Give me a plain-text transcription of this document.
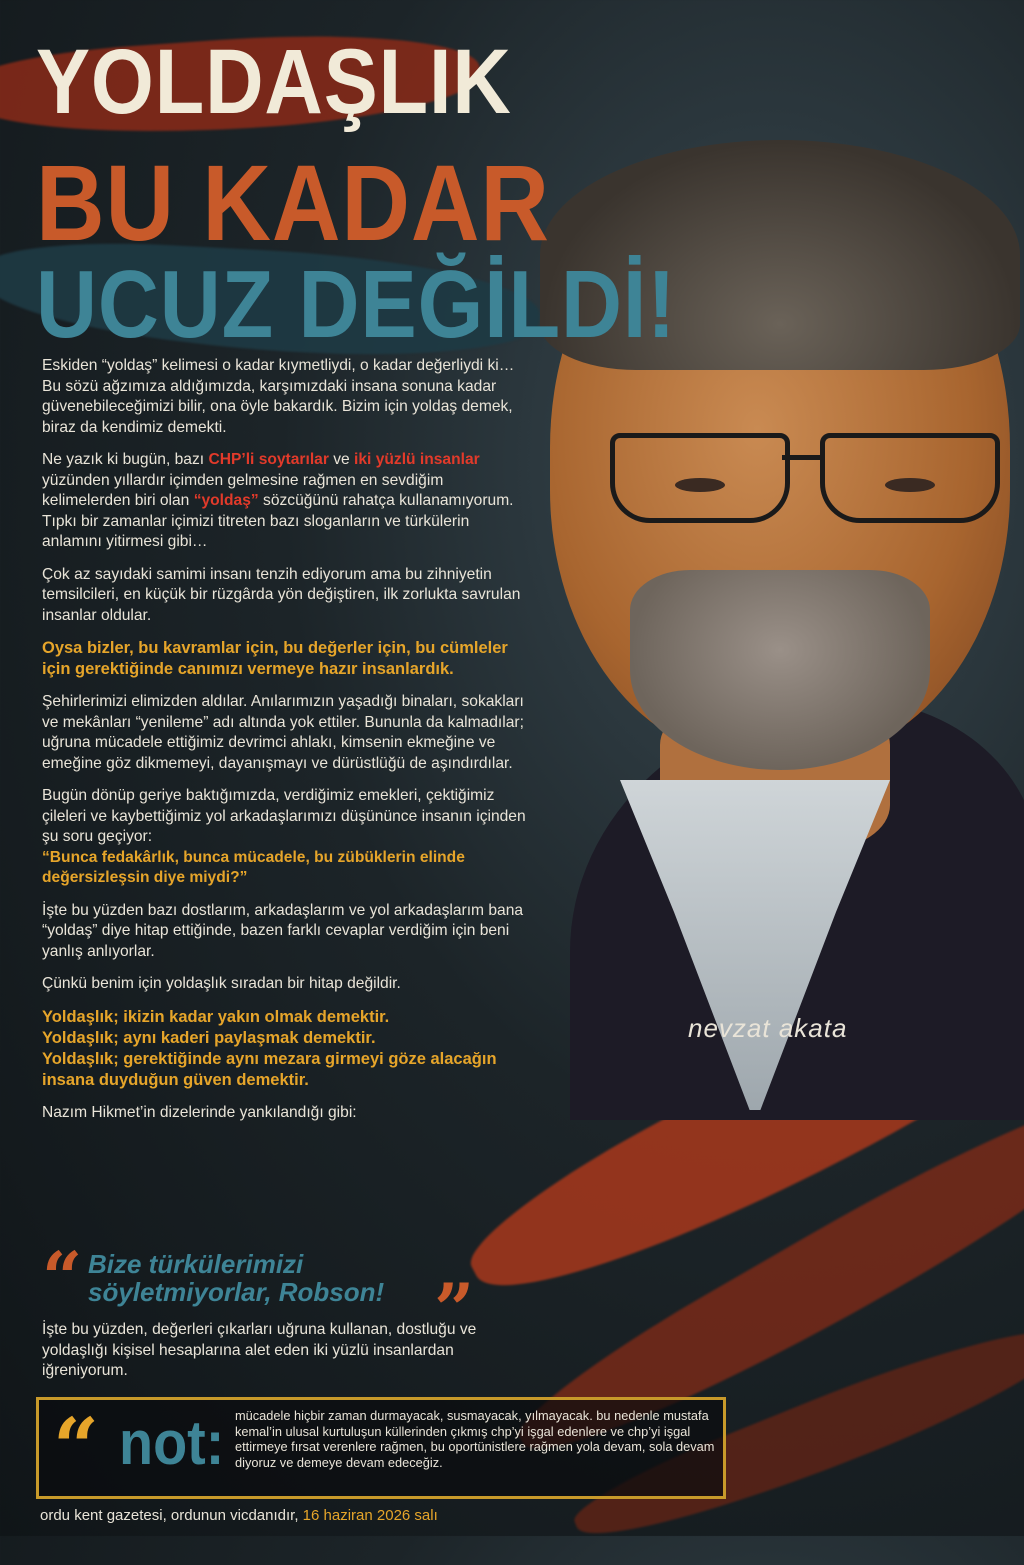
YOLDAŞLIK
BU KADAR
UCUZ DEĞİLDİ!

Eskiden “yoldaş” kelimesi o kadar kıymetliydi, o kadar değerliydi ki… Bu sözü ağzımıza aldığımızda, karşımızdaki insana sonuna kadar güvenebileceğimizi bilir, ona öyle bakardık. Bizim için yoldaş demek, biraz da kendimiz demekti.

Ne yazık ki bugün, bazı CHP’li soytarılar ve iki yüzlü insanlar yüzünden yıllardır içimden gelmesine rağmen en sevdiğim kelimelerden biri olan “yoldaş” sözcüğünü rahatça kullanamıyorum. Tıpkı bir zamanlar içimizi titreten bazı sloganların ve türkülerin anlamını yitirmesi gibi…

Çok az sayıdaki samimi insanı tenzih ediyorum ama bu zihniyetin temsilcileri, en küçük bir rüzgârda yön değiştiren, ilk zorlukta savrulan insanlar oldular.

Oysa bizler, bu kavramlar için, bu değerler için, bu cümleler için gerektiğinde canımızı vermeye hazır insanlardık.

Şehirlerimizi elimizden aldılar. Anılarımızın yaşadığı binaları, sokakları ve mekânları “yenileme” adı altında yok ettiler. Bununla da kalmadılar; uğruna mücadele ettiğimiz devrimci ahlakı, kimsenin ekmeğine ve emeğine göz dikmemeyi, dayanışmayı ve dürüstlüğü de aşındırdılar.

Bugün dönüp geriye baktığımızda, verdiğimiz emekleri, çektiğimiz çileleri ve kaybettiğimiz yol arkadaşlarımızı düşününce insanın içinden şu soru geçiyor:
“Bunca fedakârlık, bunca mücadele, bu zübüklerin elinde değersizleşsin diye miydi?”

İşte bu yüzden bazı dostlarım, arkadaşlarım ve yol arkadaşlarım bana “yoldaş” diye hitap ettiğinde, bazen farklı cevaplar verdiğim için beni yanlış anlıyorlar.

Çünkü benim için yoldaşlık sıradan bir hitap değildir.

Yoldaşlık; ikizin kadar yakın olmak demektir.
Yoldaşlık; aynı kaderi paylaşmak demektir.
Yoldaşlık; gerektiğinde aynı mezara girmeyi göze alacağın insana duyduğun güven demektir.

Nazım Hikmet’in dizelerinde yankılandığı gibi:

“ Bize türkülerimizi
söyletmiyorlar, Robson! ”
İşte bu yüzden, değerleri çıkarları uğruna kullanan, dostluğu ve yoldaşlığı kişisel hesaplarına alet eden iki yüzlü insanlardan iğreniyorum.
nevzat akata
“ not: mücadele hiçbir zaman durmayacak, susmayacak, yılmayacak. bu nedenle mustafa kemal’in ulusal kurtuluşun küllerinden çıkmış chp’yi işgal edenlere ve chp’yi işgal ettirmeye fırsat verenlere rağmen, bu oportünistlere rağmen yola devam, sola devam diyoruz ve demeye devam edeceğiz.
ordu kent gazetesi, ordunun vicdanıdır, 16 haziran 2026 salı
